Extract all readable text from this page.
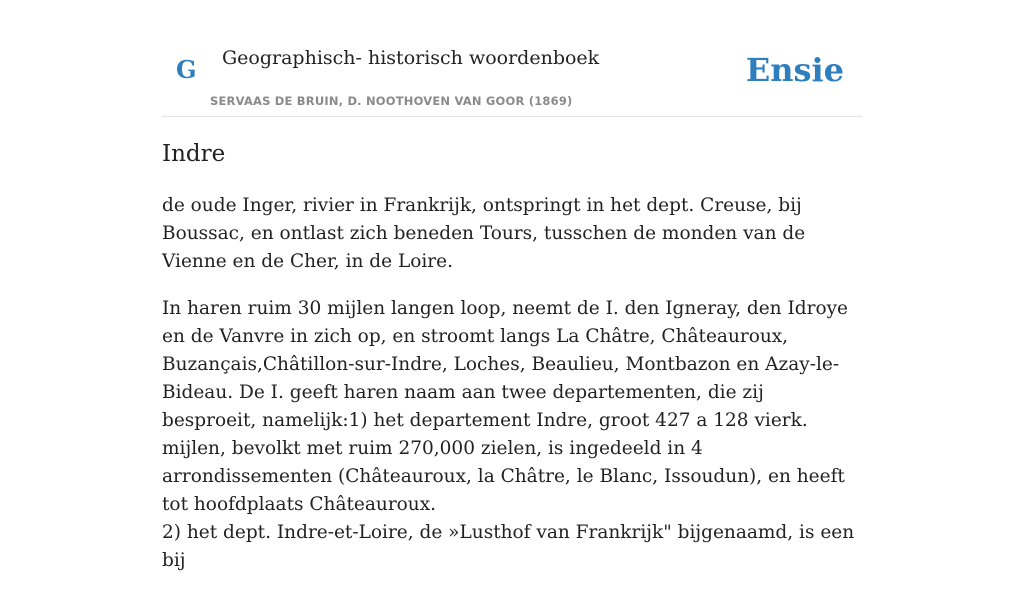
G Geographisch- historisch woordenboek
SERVAAS DE BRUIN, D. NOOTHOVEN VAN GOOR (1869)
Ensie
Indre

de oude Inger, rivier in Frankrijk, ontspringt in het dept. Creuse, bij Boussac, en ontlast zich beneden Tours, tusschen de monden van de Vienne en de Cher, in de Loire.

In haren ruim 30 mijlen langen loop, neemt de I. den Igneray, den Idroye en de Vanvre in zich op, en stroomt langs La Châtre, Châteauroux, Buzançais,Châtillon-sur-Indre, Loches, Beaulieu, Montbazon en Azay-le-Bideau. De I. geeft haren naam aan twee departementen, die zij besproeit, namelijk:1) het departement Indre, groot 427 a 128 vierk. mijlen, bevolkt met ruim 270,000 zielen, is ingedeeld in 4 arrondissementen (Châteauroux, la Châtre, le Blanc, Issoudun), en heeft tot hoofdplaats Châteauroux.

2) het dept. Indre-et-Loire, de »Lusthof van Frankrijk" bijgenaamd, is een bij
